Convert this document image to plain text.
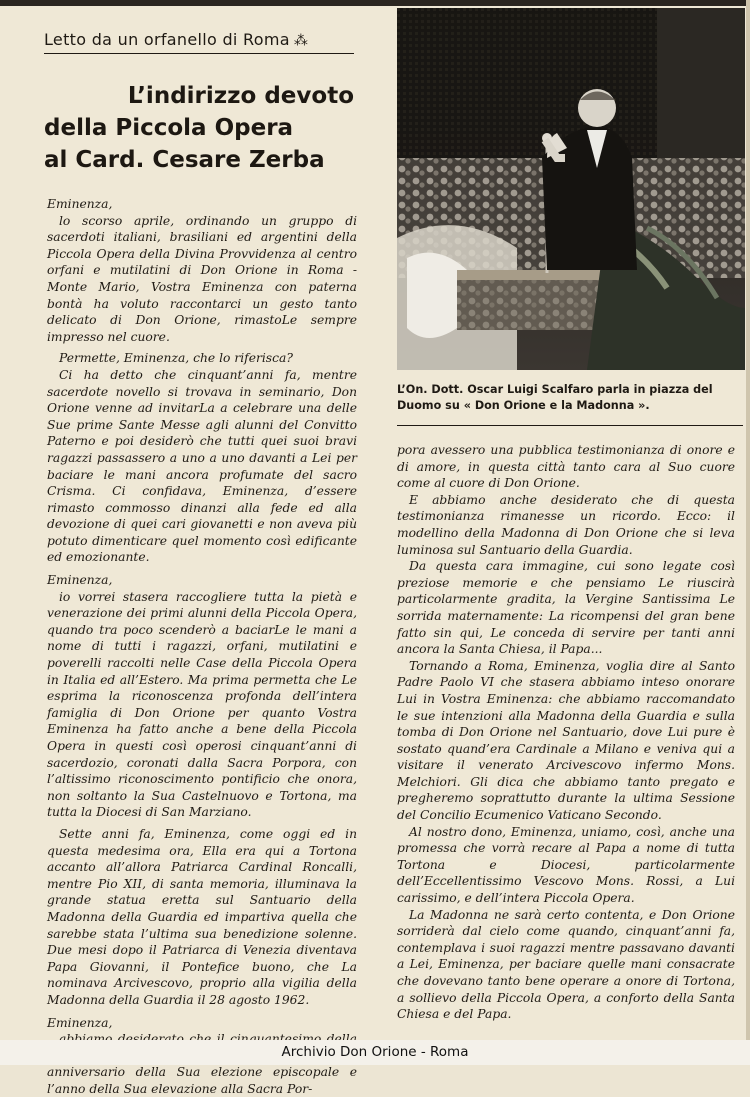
Letto da un orfanello di Roma ⁂
L’indirizzo devoto
della Piccola Opera
al Card. Cesare Zerba

Eminenza,

lo scorso aprile, ordinando un gruppo di sacerdoti italiani, brasiliani ed argentini della Piccola Opera della Divina Provvidenza al centro orfani e mutilatini di Don Orione in Roma - Monte Mario, Vostra Eminenza con paterna bontà ha voluto raccontarci un gesto tanto delicato di Don Orione, rimastoLe sempre impresso nel cuore.

Permette, Eminenza, che lo riferisca?

Ci ha detto che cinquant’anni fa, mentre sacerdote novello si trovava in seminario, Don Orione venne ad invitarLa a celebrare una delle Sue prime Sante Messe agli alunni del Convitto Paterno e poi desiderò che tutti quei suoi bravi ragazzi passassero a uno a uno davanti a Lei per baciare le mani ancora profumate del sacro Crisma. Ci confidava, Eminenza, d’essere rimasto commosso dinanzi alla fede ed alla devozione di quei cari giovanetti e non aveva più potuto dimenticare quel momento così edificante ed emozionante.

Eminenza,

io vorrei stasera raccogliere tutta la pietà e venerazione dei primi alunni della Piccola Opera, quando tra poco scenderò a baciarLe le mani a nome di tutti i ragazzi, orfani, mutilatini e poverelli raccolti nelle Case della Piccola Opera in Italia ed all’Estero. Ma prima permetta che Le esprima la riconoscenza profonda dell’intera famiglia di Don Orione per quanto Vostra Eminenza ha fatto anche a bene della Piccola Opera in questi così operosi cinquant’anni di sacerdozio, coronati dalla Sacra Porpora, con l’altissimo riconoscimento pontificio che onora, non soltanto la Sua Castelnuovo e Tortona, ma tutta la Diocesi di San Marziano.

Sette anni fa, Eminenza, come oggi ed in questa medesima ora, Ella era qui a Tortona accanto all’allora Patriarca Cardinal Roncalli, mentre Pio XII, di santa memoria, illuminava la grande statua eretta sul Santuario della Madonna della Guardia ed impartiva quella che sarebbe stata l’ultima sua benedizione solenne. Due mesi dopo il Patriarca di Venezia diventava Papa Giovanni, il Pontefice buono, che La nominava Arcivescovo, proprio alla vigilia della Madonna della Guardia il 28 agosto 1962.

Eminenza,

anniversario della Sua elezione episcopale e l’anno della Sua elevazione alla Sacra Por-

L’On. Dott. Oscar Luigi Scalfaro parla in piazza del Duomo su « Don Orione e la Madonna ».

pora avessero una pubblica testimonianza di onore e di amore, in questa città tanto cara al Suo cuore come al cuore di Don Orione.

E abbiamo anche desiderato che di questa testimonianza rimanesse un ricordo. Ecco: il modellino della Madonna di Don Orione che si leva luminosa sul Santuario della Guardia.

Da questa cara immagine, cui sono legate così preziose memorie e che pensiamo Le riuscirà particolarmente gradita, la Vergine Santissima Le sorrida maternamente: La ricompensi del gran bene fatto sin qui, Le conceda di servire per tanti anni ancora la Santa Chiesa, il Papa...

Tornando a Roma, Eminenza, voglia dire al Santo Padre Paolo VI che stasera abbiamo inteso onorare Lui in Vostra Eminenza: che abbiamo raccomandato le sue intenzioni alla Madonna della Guardia e sulla tomba di Don Orione nel Santuario, dove Lui pure è sostato quand’era Cardinale a Milano e veniva qui a visitare il venerato Arcivescovo infermo Mons. Melchiori. Gli dica che abbiamo tanto pregato e pregheremo soprattutto durante la ultima Sessione del Concilio Ecumenico Vaticano Secondo.

Al nostro dono, Eminenza, uniamo, così, anche una promessa che vorrà recare al Papa a nome di tutta Tortona e Diocesi, particolarmente dell’Eccellentissimo Vescovo Mons. Rossi, a Lui carissimo, e dell’intera Piccola Opera.

La Madonna ne sarà certo contenta, e Don Orione sorriderà dal cielo come quando, cinquant’anni fa, contemplava i suoi ragazzi mentre passavano davanti a Lei, Eminenza, per baciare quelle mani consacrate che dovevano tanto bene operare a onore di Tortona, a sollievo della Piccola Opera, a conforto della Santa Chiesa e del Papa.

Archivio Don Orione - Roma
